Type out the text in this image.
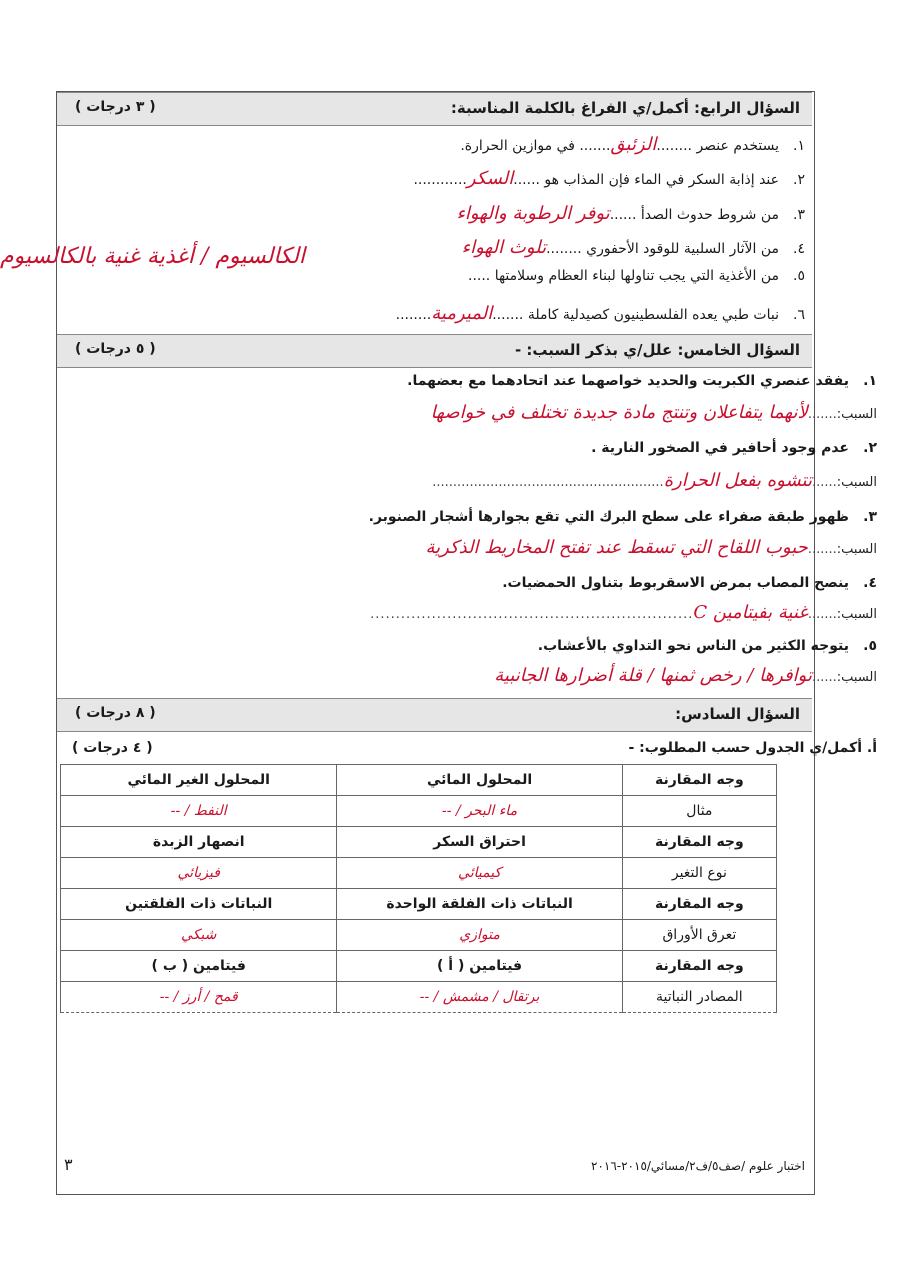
السؤال الرابع: أكمل/ي الفراغ بالكلمة المناسبة:
( ٣ درجات )
١.يستخدم عنصر ........الزئبق....... في موازين الحرارة.
٢.عند إذابة السكر في الماء فإن المذاب هو ......السكر............
٣.من شروط حدوث الصدأ ......توفر الرطوبة والهواء
٤.من الآثار السلبية للوقود الأحفوري ........تلوث الهواء
٥.من الأغذية التي يجب تناولها لبناء العظام وسلامتها .....
الكالسيوم / أغذية غنية بالكالسيوم
٦.نبات طبي يعده الفلسطينيون كصيدلية كاملة .......الميرمية........
السؤال الخامس: علل/ي بذكر السبب: -
( ٥ درجات )
١.يفقد عنصري الكبريت والحديد خواصهما عند اتحادهما مع بعضهما.
السبب:.......لأنهما يتفاعلان وتنتج مادة جديدة تختلف في خواصها
٢.عدم وجود أحافير في الصخور النارية .
السبب:......تتشوه بفعل الحرارة........................................................
٣.ظهور طبقة صفراء على سطح البرك التي تقع بجوارها أشجار الصنوبر.
السبب:.......حبوب اللقاح التي تسقط عند تفتح المخاريط الذكرية
٤.ينصح المصاب بمرض الاسقربوط بتناول الحمضيات.
السبب:.......غنية بفيتامين C...............................................................
٥.يتوجه الكثير من الناس نحو التداوي بالأعشاب.
السبب:......توافرها / رخص ثمنها / قلة أضرارها الجانبية
السؤال السادس:
( ٨ درجات )
أ. أكمل/ي الجدول حسب المطلوب: -
( ٤ درجات )
وجه المقارنة	المحلول المائي	المحلول الغير المائي
مثال	ماء البحر / --	النفط / --
وجه المقارنة	احتراق السكر	انصهار الزبدة
نوع التغير	كيميائي	فيزيائي
وجه المقارنة	النباتات ذات الفلقة الواحدة	النباتات ذات الفلقتين
تعرق الأوراق	متوازي	شبكي
وجه المقارنة	فيتامين ( أ )	فيتامين ( ب )
المصادر النباتية	برتقال / مشمش / --	قمح / أرز / --
٣	اختبار علوم /صف٥/ف٢/مسائي/٢٠١٥-٢٠١٦
